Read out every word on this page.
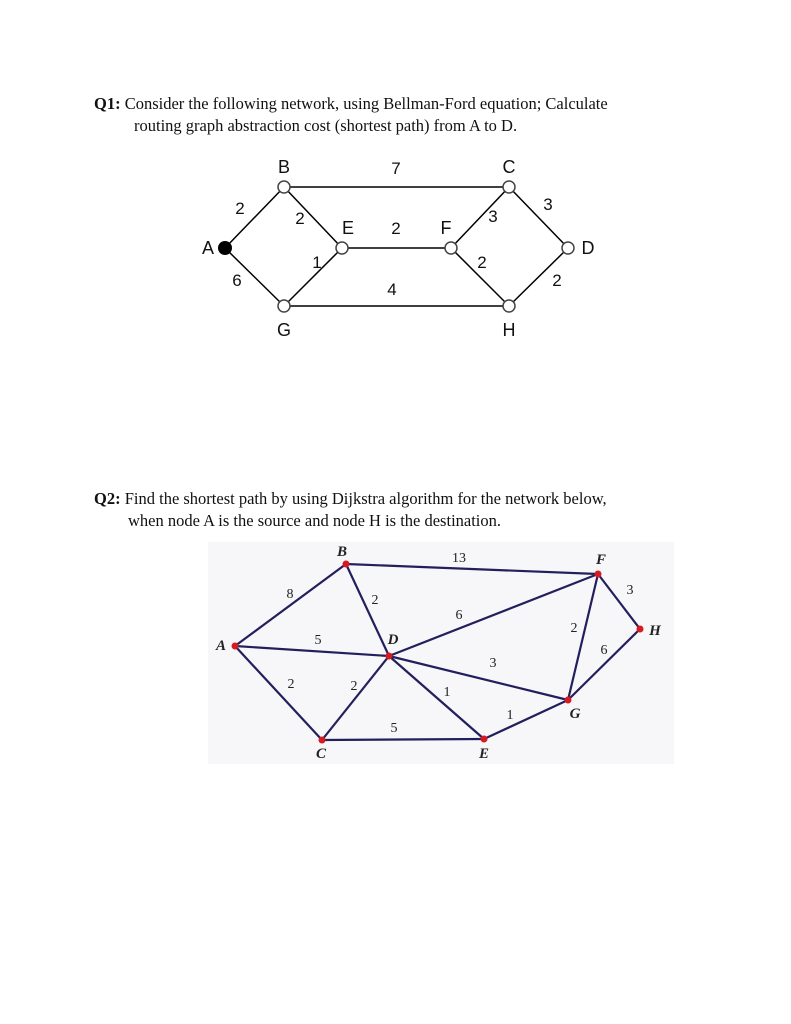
Q1: Consider the following network, using Bellman-Ford equation; Calculate
routing graph abstraction cost (shortest path) from A to D.
B	C
A
E	F
D
G	H
2
6
7
2
1
2
4
3
2
3
2
Q2: Find the shortest path by using Dijkstra algorithm for the network below,
when node A is the source and node H is the destination.
A
B
C
D
E
F
G
H
8
5
2
13
2
6
2	1
3
5
1
2
3
6
